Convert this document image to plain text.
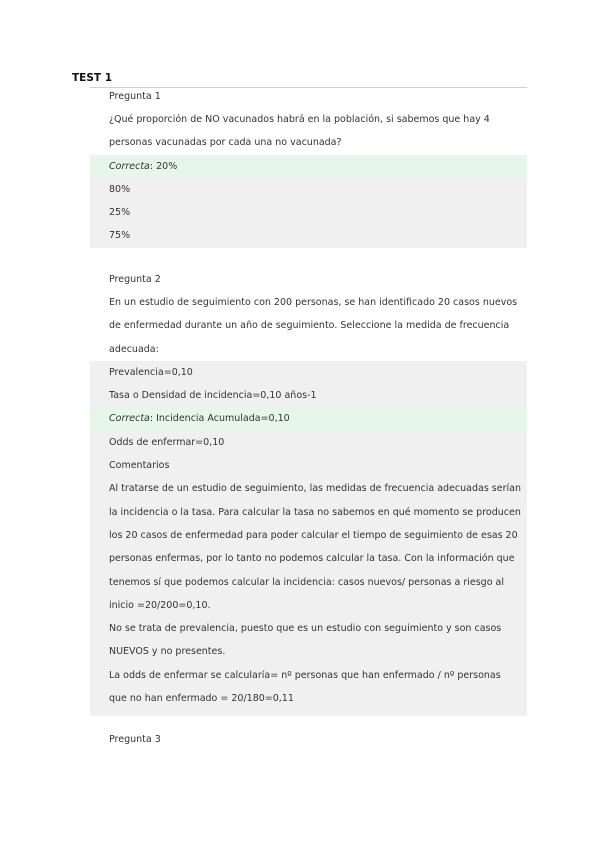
TEST 1
Pregunta 1
¿Qué proporción de NO vacunados habrá en la población, si sabemos que hay 4 personas vacunadas por cada una no vacunada?
Correcta: 20%
80%
25%
75%
Pregunta 2
En un estudio de seguimiento con 200 personas, se han identificado 20 casos nuevos de enfermedad durante un año de seguimiento. Seleccione la medida de frecuencia adecuada:
Prevalencia=0,10
Tasa o Densidad de incidencia=0,10 años-1
Correcta: Incidencia Acumulada=0,10
Odds de enfermar=0,10

Comentarios

Al tratarse de un estudio de seguimiento, las medidas de frecuencia adecuadas serían la incidencia o la tasa. Para calcular la tasa no sabemos en qué momento se producen los 20 casos de enfermedad para poder calcular el tiempo de seguimiento de esas 20 personas enfermas, por lo tanto no podemos calcular la tasa. Con la información que tenemos sí que podemos calcular la incidencia: casos nuevos/ personas a riesgo al inicio =20/200=0,10.

No se trata de prevalencia, puesto que es un estudio con seguimiento y son casos NUEVOS y no presentes.

La odds de enfermar se calcularía= nº personas que han enfermado / nº personas que no han enfermado = 20/180=0,11

Pregunta 3
